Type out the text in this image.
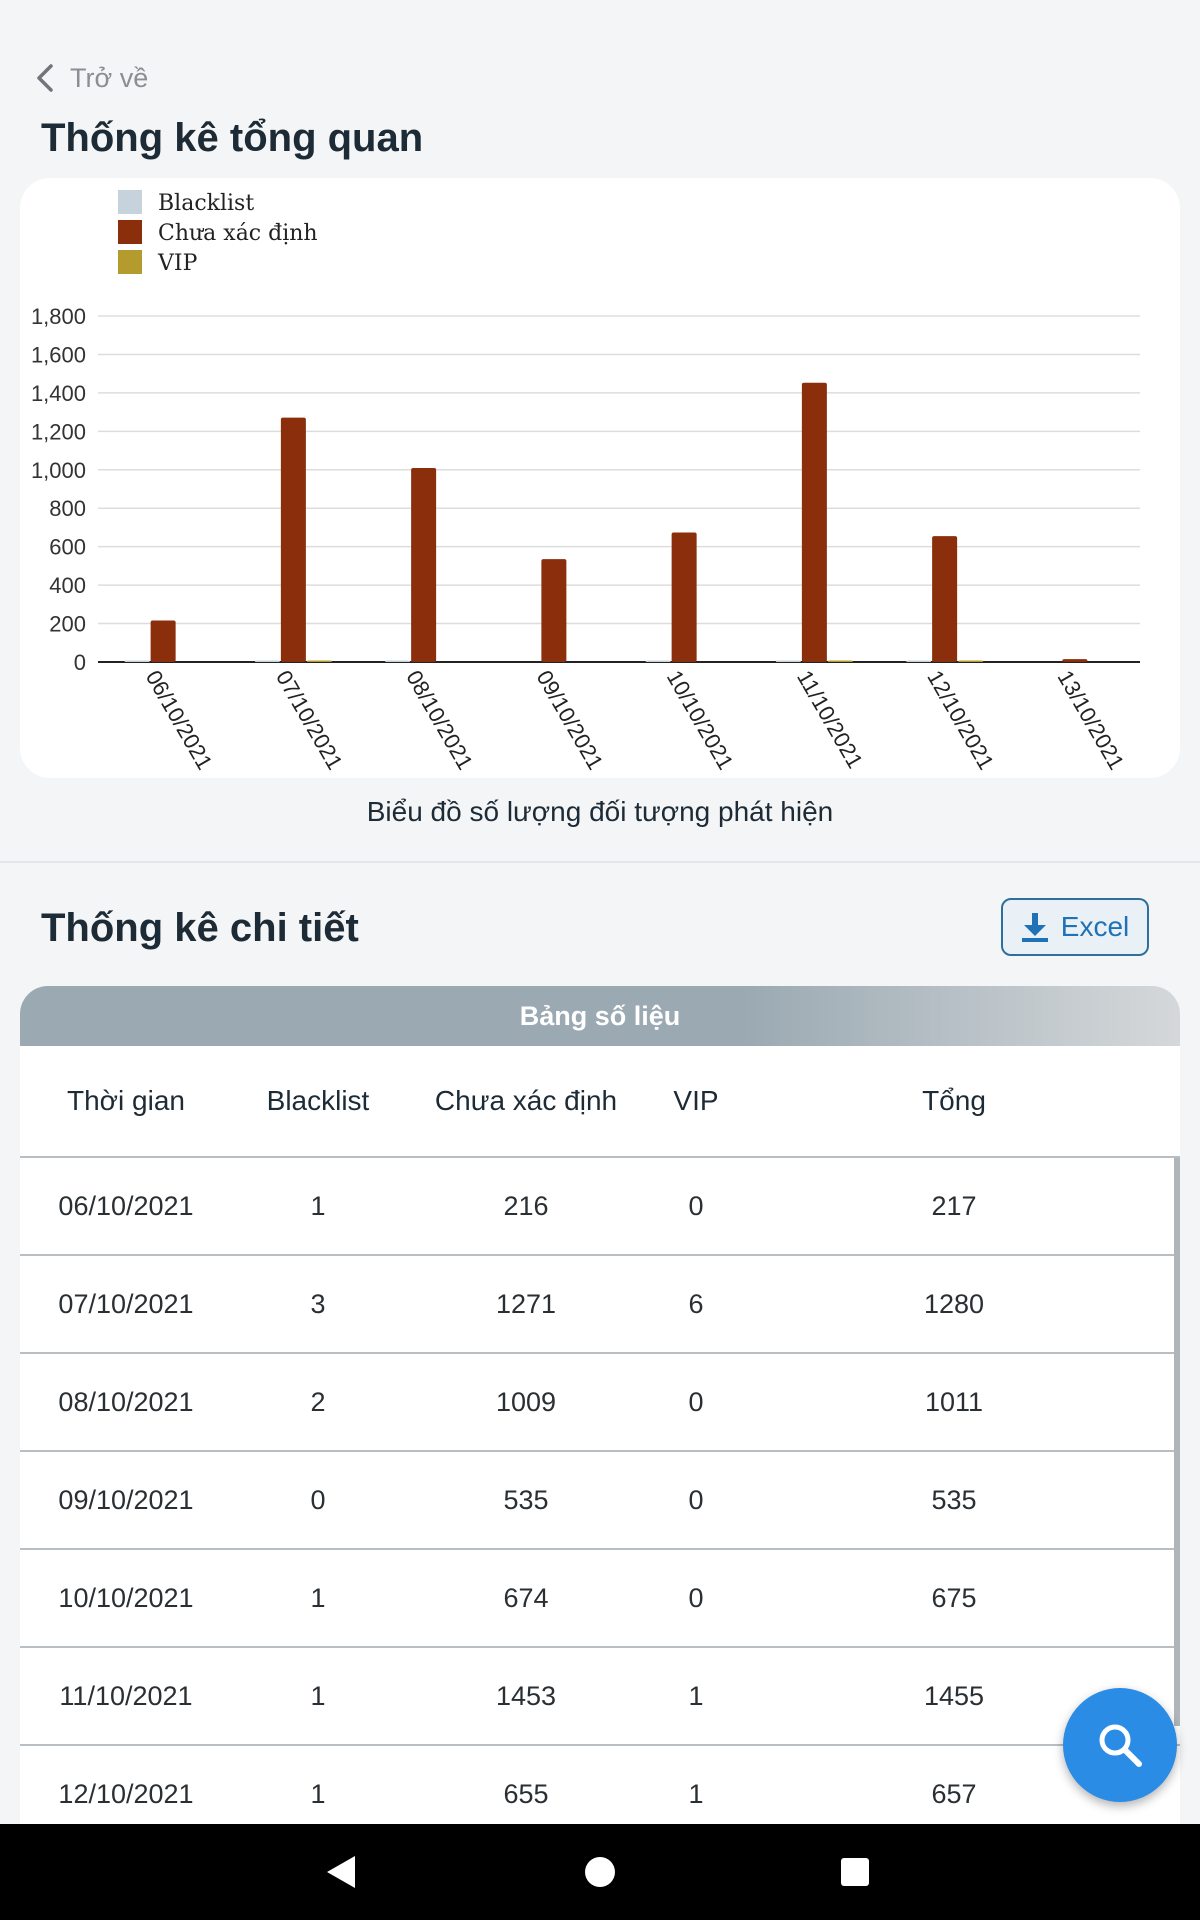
Trở về
Thống kê tổng quan
Blacklist
Chưa xác định
VIP
0
200
400
600
800
1,000
1,200
1,400
1,600
1,800
06/10/2021 07/10/2021 08/10/2021 09/10/2021 10/10/2021 11/10/2021 12/10/2021 13/10/2021
Biểu đồ số lượng đối tượng phát hiện
Thống kê chi tiết	Excel
Bảng số liệu
Thời gian	Blacklist	Chưa xác định	VIP	Tổng
06/10/2021	1	216	0	217
07/10/2021	3	1271	6	1280
08/10/2021	2	1009	0	1011
09/10/2021	0	535	0	535
10/10/2021	1	674	0	675
11/10/2021	1	1453	1	1455
12/10/2021	1	655	1	657
